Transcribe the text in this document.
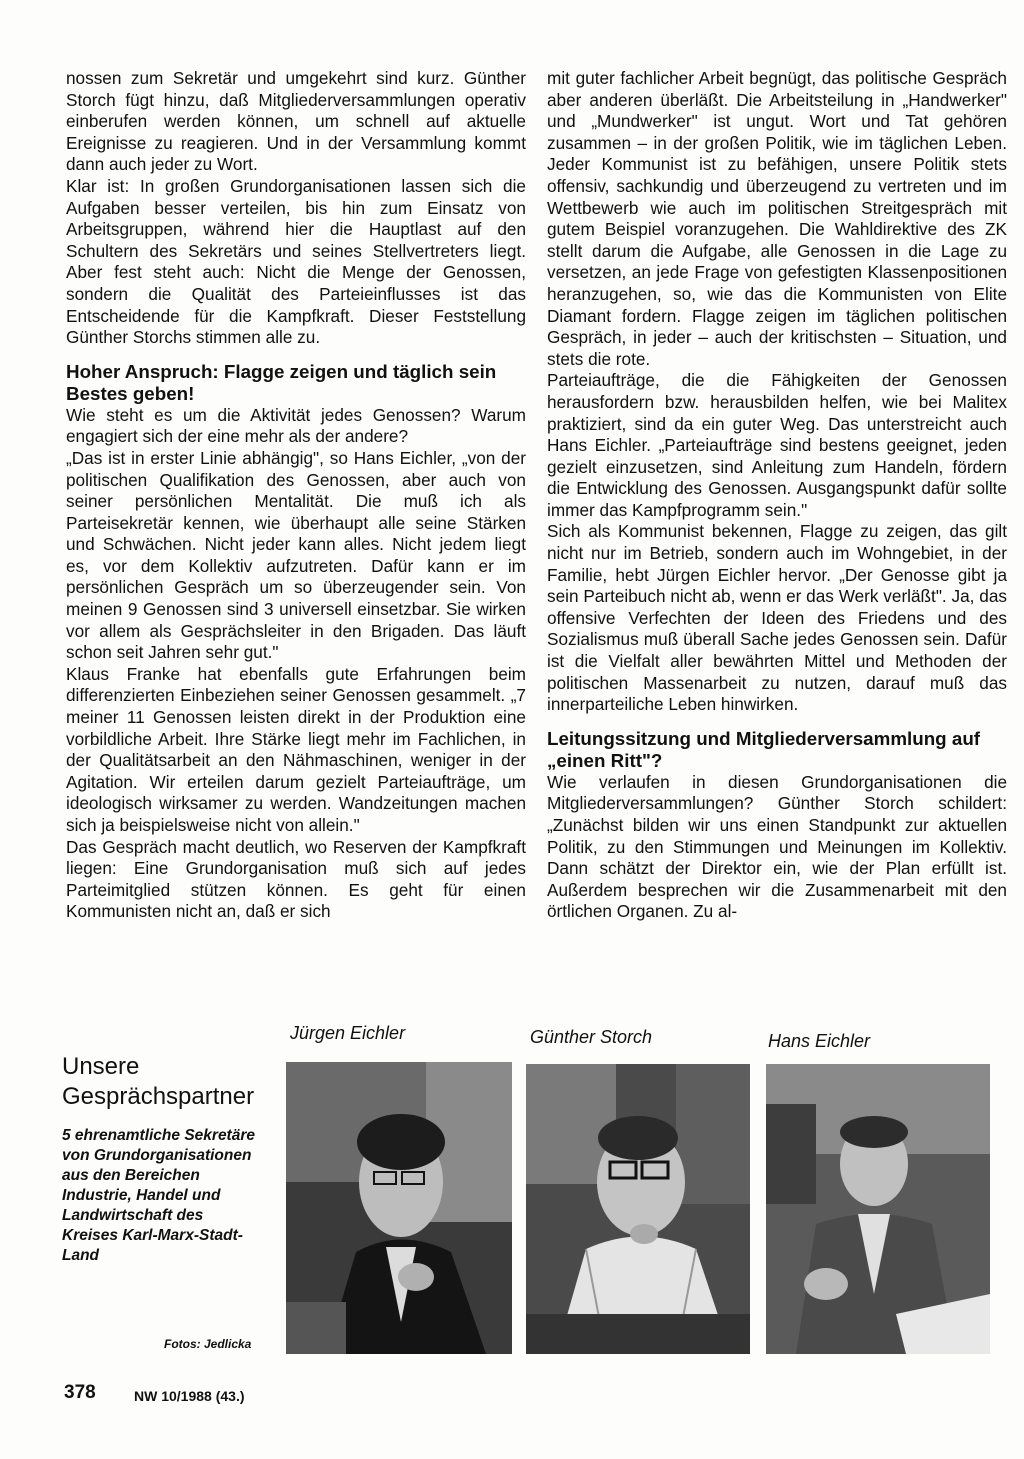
nossen zum Sekretär und umgekehrt sind kurz. Günther Storch fügt hinzu, daß Mitgliederversammlungen operativ einberufen werden können, um schnell auf aktuelle Ereignisse zu reagieren. Und in der Versammlung kommt dann auch jeder zu Wort.

Klar ist: In großen Grundorganisationen lassen sich die Aufgaben besser verteilen, bis hin zum Einsatz von Arbeitsgruppen, während hier die Hauptlast auf den Schultern des Sekretärs und seines Stellvertreters liegt. Aber fest steht auch: Nicht die Menge der Genossen, sondern die Qualität des Parteieinflusses ist das Entscheidende für die Kampfkraft. Dieser Feststellung Günther Storchs stimmen alle zu.

Hoher Anspruch: Flagge zeigen und täglich sein Bestes geben!

Wie steht es um die Aktivität jedes Genossen? Warum engagiert sich der eine mehr als der andere?

„Das ist in erster Linie abhängig", so Hans Eichler, „von der politischen Qualifikation des Genossen, aber auch von seiner persönlichen Mentalität. Die muß ich als Parteisekretär kennen, wie überhaupt alle seine Stärken und Schwächen. Nicht jeder kann alles. Nicht jedem liegt es, vor dem Kollektiv aufzutreten. Dafür kann er im persönlichen Gespräch um so überzeugender sein. Von meinen 9 Genossen sind 3 universell einsetzbar. Sie wirken vor allem als Gesprächsleiter in den Brigaden. Das läuft schon seit Jahren sehr gut."

Klaus Franke hat ebenfalls gute Erfahrungen beim differenzierten Einbeziehen seiner Genossen gesammelt. „7 meiner 11 Genossen leisten direkt in der Produktion eine vorbildliche Arbeit. Ihre Stärke liegt mehr im Fachlichen, in der Qualitätsarbeit an den Nähmaschinen, weniger in der Agitation. Wir erteilen darum gezielt Parteiaufträge, um ideologisch wirksamer zu werden. Wandzeitungen machen sich ja beispielsweise nicht von allein."

Das Gespräch macht deutlich, wo Reserven der Kampfkraft liegen: Eine Grundorganisation muß sich auf jedes Parteimitglied stützen können. Es geht für einen Kommunisten nicht an, daß er sich

mit guter fachlicher Arbeit begnügt, das politische Gespräch aber anderen überläßt. Die Arbeitsteilung in „Handwerker" und „Mundwerker" ist ungut. Wort und Tat gehören zusammen – in der großen Politik, wie im täglichen Leben. Jeder Kommunist ist zu befähigen, unsere Politik stets offensiv, sachkundig und überzeugend zu vertreten und im Wettbewerb wie auch im politischen Streitgespräch mit gutem Beispiel voranzugehen. Die Wahldirektive des ZK stellt darum die Aufgabe, alle Genossen in die Lage zu versetzen, an jede Frage von gefestigten Klassenpositionen heranzugehen, so, wie das die Kommunisten von Elite Diamant fordern. Flagge zeigen im täglichen politischen Gespräch, in jeder – auch der kritischsten – Situation, und stets die rote.

Parteiaufträge, die die Fähigkeiten der Genossen herausfordern bzw. herausbilden helfen, wie bei Malitex praktiziert, sind da ein guter Weg. Das unterstreicht auch Hans Eichler. „Parteiaufträge sind bestens geeignet, jeden gezielt einzusetzen, sind Anleitung zum Handeln, fördern die Entwicklung des Genossen. Ausgangspunkt dafür sollte immer das Kampfprogramm sein."

Sich als Kommunist bekennen, Flagge zu zeigen, das gilt nicht nur im Betrieb, sondern auch im Wohngebiet, in der Familie, hebt Jürgen Eichler hervor. „Der Genosse gibt ja sein Parteibuch nicht ab, wenn er das Werk verläßt". Ja, das offensive Verfechten der Ideen des Friedens und des Sozialismus muß überall Sache jedes Genossen sein. Dafür ist die Vielfalt aller bewährten Mittel und Methoden der politischen Massenarbeit zu nutzen, darauf muß das innerparteiliche Leben hinwirken.

Leitungssitzung und Mitgliederversammlung auf „einen Ritt"?

Wie verlaufen in diesen Grundorganisationen die Mitgliederversammlungen? Günther Storch schildert: „Zunächst bilden wir uns einen Standpunkt zur aktuellen Politik, zu den Stimmungen und Meinungen im Kollektiv. Dann schätzt der Direktor ein, wie der Plan erfüllt ist. Außerdem besprechen wir die Zusammenarbeit mit den örtlichen Organen. Zu al-

Jürgen Eichler	Günther Storch	Hans Eichler
Unsere
Gesprächspartner
5 ehrenamtliche Sekretäre von Grundorganisationen aus den Bereichen Industrie, Handel und Landwirtschaft des Kreises Karl-Marx-Stadt-Land
Fotos: Jedlicka
378	NW 10/1988 (43.)
